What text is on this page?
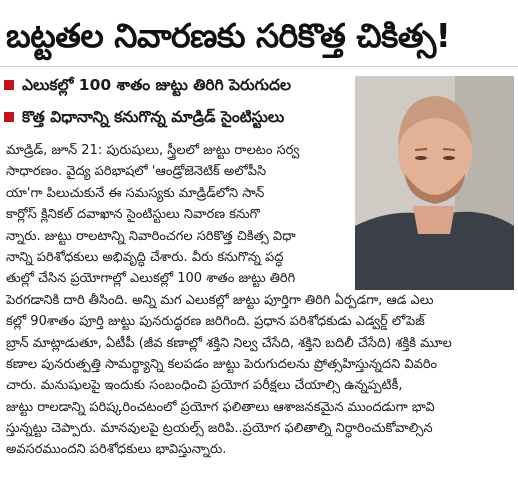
బట్టతల నివారణకు సరికొత్త చికిత్స!
ఎలుకల్లో 100 శాతం జుట్టు తిరిగి పెరుగుదల
కొత్త విధానాన్ని కనుగొన్న మాడ్రిడ్ సైంటిస్టులు
మాడ్రిడ్, జూన్ 21: పురుషులు, స్త్రీలలో జుట్టు రాలటం సర్వ
సాధారణం. వైద్య పరిభాషలో 'ఆండ్రోజెనెటిక్ అలోపీసి
యా'గా పిలుచుకునే ఈ సమస్యకు మాడ్రిడ్‌లోని సాన్
కార్లోస్ క్లినికల్ దవాఖాన సైంటిస్టులు నివారణ కనుగొ
న్నారు. జుట్టు రాలటాన్ని నివారించగల సరికొత్త చికిత్స విధా
నాన్ని పరిశోధకులు అభివృద్ధి చేశారు. వీరు కనుగొన్న పద్ధ
తుల్లో చేసిన ప్రయోగాల్లో ఎలుకల్లో 100 శాతం జుట్టు తిరిగి
పెరగడానికి దారి తీసింది. అన్ని మగ ఎలుకల్లో జుట్టు పూర్తిగా తిరిగి ఏర్పడగా, ఆడ ఎలు
కల్లో 90శాతం పూర్తి జుట్టు పునరుద్ధరణ జరిగింది. ప్రధాన పరిశోధకుడు ఎడ్వర్డ్ లోపెజ్
బ్రాన్ మాట్లాడుతూ, ఏటీపీ (జీవ కణాల్లో శక్తిని నిల్వ చేసేది, శక్తిని బదిలీ చేసేది) శక్తికి మూల
కణాల పునరుత్పత్తి సామర్థ్యాన్ని కలపడం జుట్టు పెరుగుదలను ప్రోత్సహిస్తున్నదని వివరిం
చారు. మనుషులపై ఇందుకు సంబంధించి ప్రయోగ పరీక్షలు చేయాల్సి ఉన్నప్పటికీ,
జుట్టు రాలడాన్ని పరిష్కరించటంలో ప్రయోగ ఫలితాలు ఆశాజనకమైన ముందడుగా భావి
స్తున్నట్టు చెప్పారు. మానవులపై ట్రయల్స్ జరిపి..ప్రయోగ ఫలితాల్ని నిర్ధారించుకోవాల్సిన
అవసరముందని పరిశోధకులు భావిస్తున్నారు.
